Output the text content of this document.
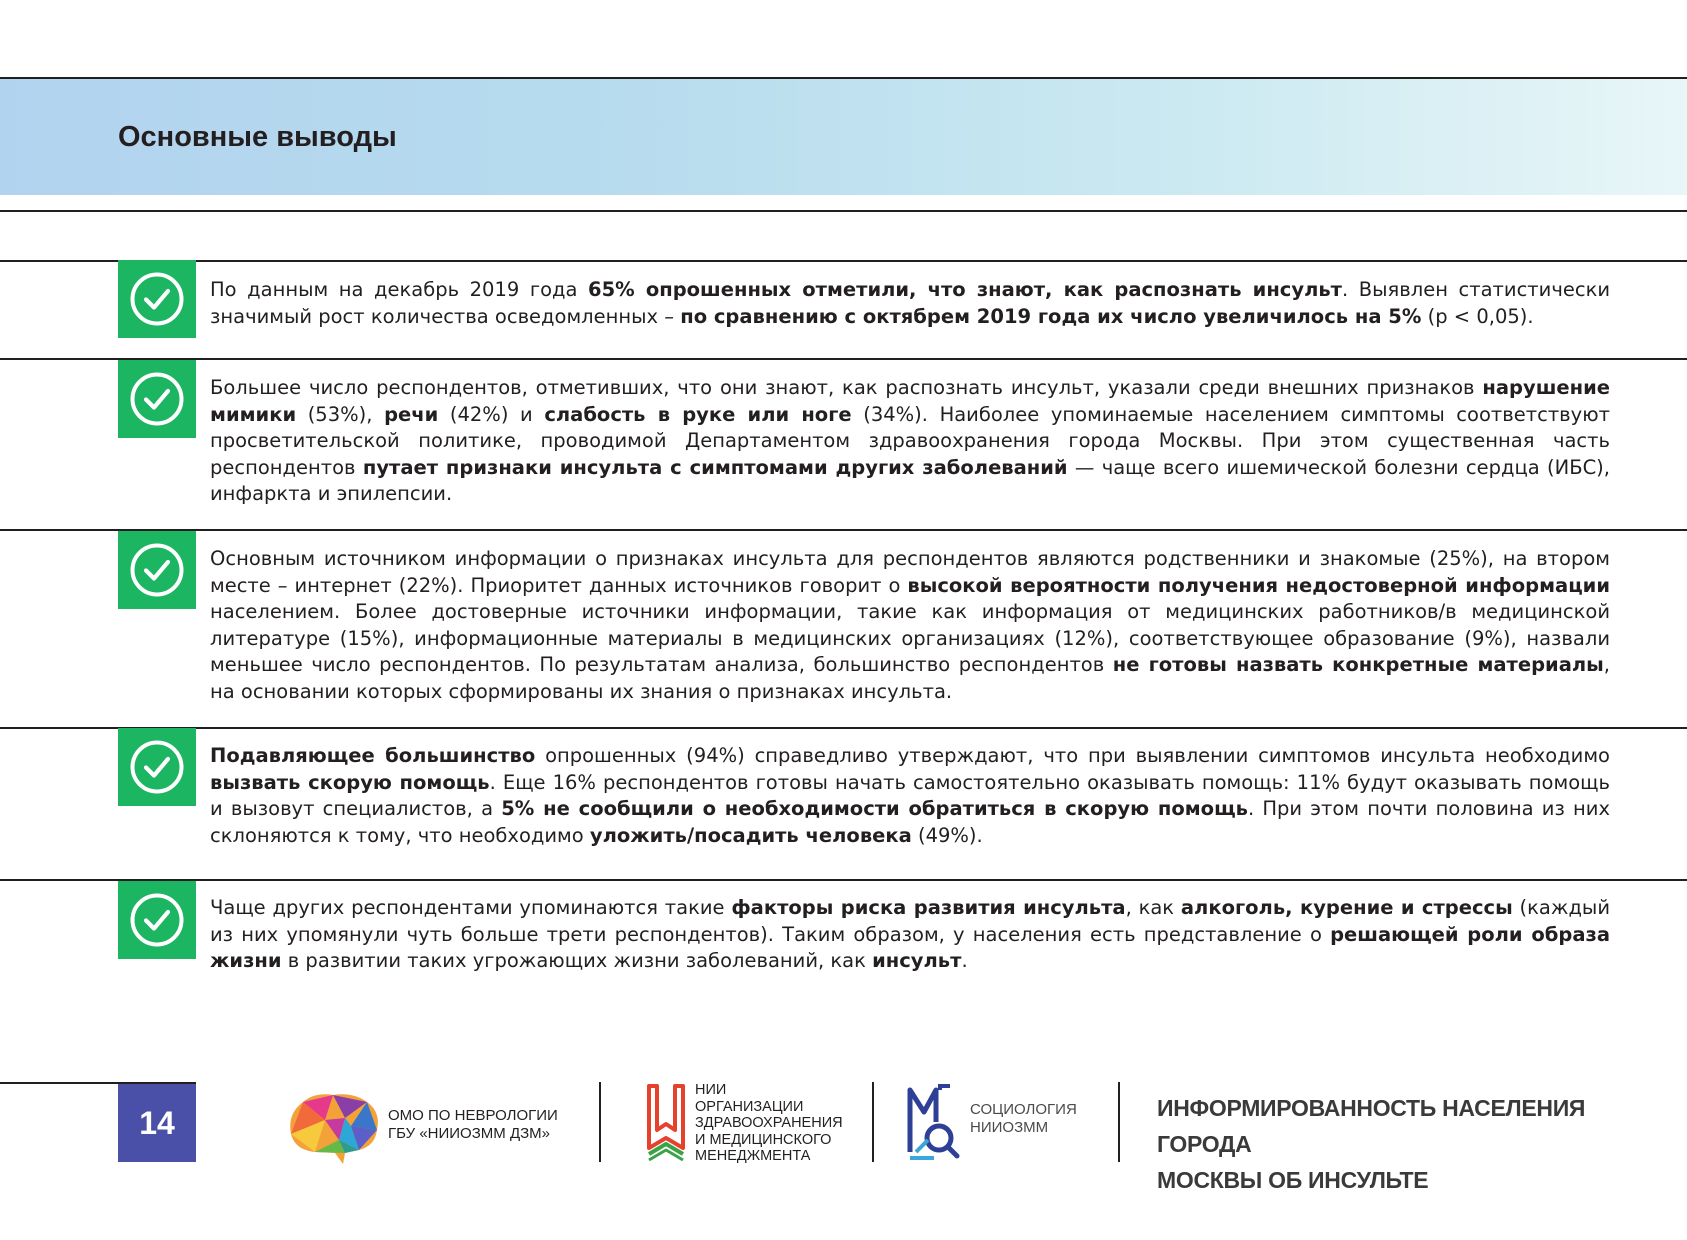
Основные выводы

По данным на декабрь 2019 года 65% опрошенных отметили, что знают, как распознать инсульт. Выявлен статистически значимый рост количества осведомленных – по сравнению с октябрем 2019 года их число увеличилось на 5% (p < 0,05).

Большее число респондентов, отметивших, что они знают, как распознать инсульт, указали среди внешних признаков нарушение мимики (53%), речи (42%) и слабость в руке или ноге (34%). Наиболее упоминаемые населением симптомы соответствуют просветительской политике, проводимой Департаментом здравоохранения города Москвы. При этом существенная часть респондентов путает признаки инсульта с симптомами других заболеваний — чаще всего ишемической болезни сердца (ИБС), инфаркта и эпилепсии.

Основным источником информации о признаках инсульта для респондентов являются родственники и знакомые (25%), на втором месте – интернет (22%). Приоритет данных источников говорит о высокой вероятности получения недостоверной информации населением. Более достоверные источники информации, такие как информация от медицинских работников/в медицинской литературе (15%), информационные материалы в медицинских организациях (12%), соответствующее образование (9%), назвали меньшее число респондентов. По результатам анализа, большинство респондентов не готовы назвать конкретные материалы, на основании которых сформированы их знания о признаках инсульта.

Подавляющее большинство опрошенных (94%) справедливо утверждают, что при выявлении симптомов инсульта необходимо вызвать скорую помощь. Еще 16% респондентов готовы начать самостоятельно оказывать помощь: 11% будут оказывать помощь и вызовут специалистов, а 5% не сообщили о необходимости обратиться в скорую помощь. При этом почти половина из них склоняются к тому, что необходимо уложить/посадить человека (49%).

Чаще других респондентами упоминаются такие факторы риска развития инсульта, как алкоголь, курение и стрессы (каждый из них упомянули чуть больше трети респондентов). Таким образом, у населения есть представление о решающей роли образа жизни в развитии таких угрожающих жизни заболеваний, как инсульт.

14	ОМО ПО НЕВРОЛОГИИ
ГБУ «НИИОЗММ ДЗМ»
НИИ
ОРГАНИЗАЦИИ
ЗДРАВООХРАНЕНИЯ
И МЕДИЦИНСКОГО
МЕНЕДЖМЕНТА
СОЦИОЛОГИЯ
НИИОЗММ
ИНФОРМИРОВАННОСТЬ НАСЕЛЕНИЯ ГОРОДА
МОСКВЫ ОБ ИНСУЛЬТЕ
